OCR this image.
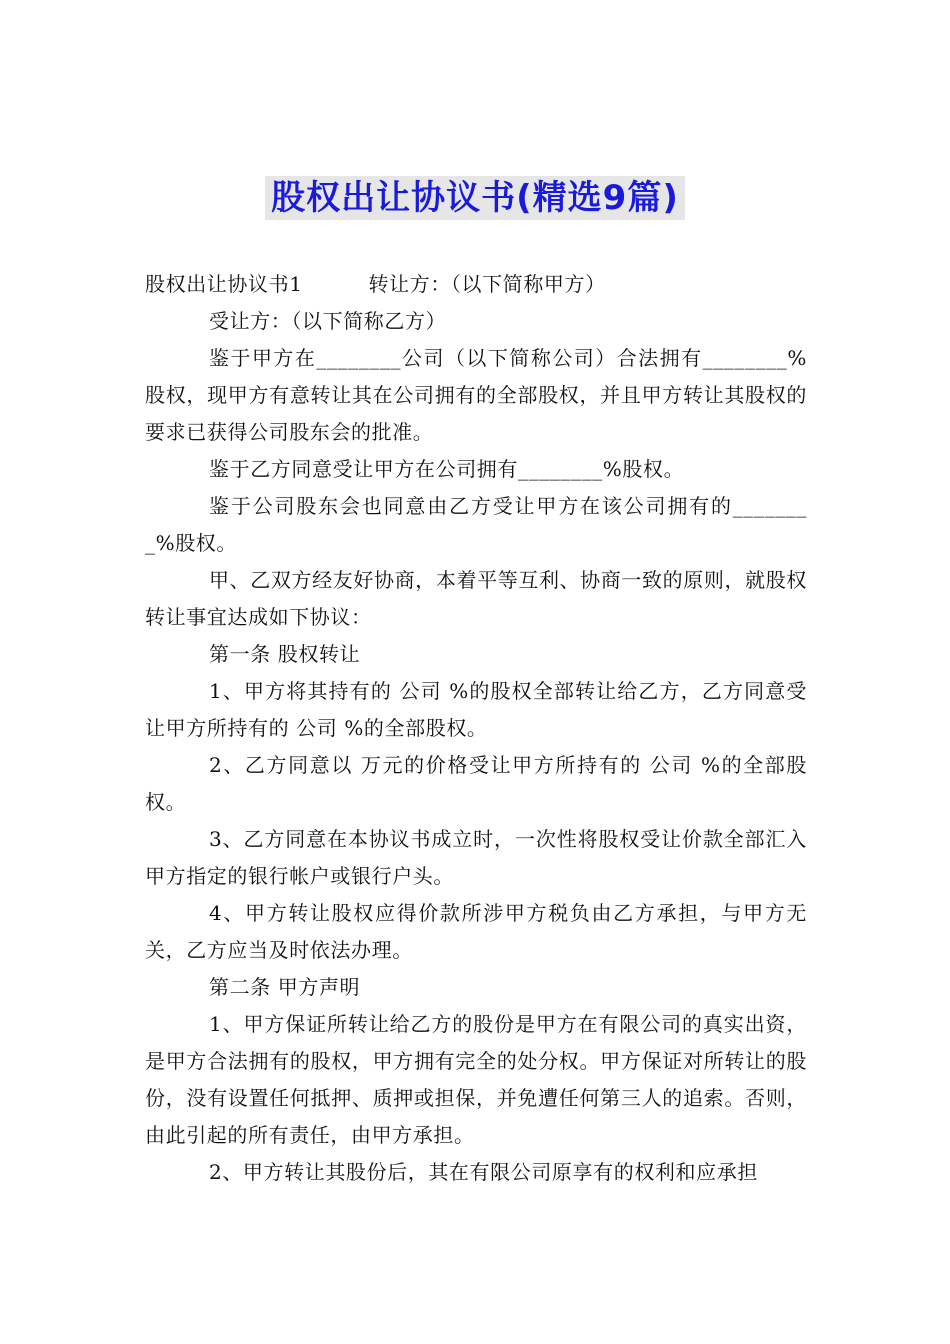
股权出让协议书(精选9篇)

股权出让协议书1	转让方：（以下简称甲方）

受让方：（以下简称乙方）

鉴于甲方在________公司（以下简称公司）合法拥有________%股权，现甲方有意转让其在公司拥有的全部股权，并且甲方转让其股权的要求已获得公司股东会的批准。

鉴于乙方同意受让甲方在公司拥有________%股权。

鉴于公司股东会也同意由乙方受让甲方在该公司拥有的________%股权。

甲、乙双方经友好协商，本着平等互利、协商一致的原则，就股权转让事宜达成如下协议：

第一条 股权转让

1、甲方将其持有的 公司 %的股权全部转让给乙方，乙方同意受让甲方所持有的 公司 %的全部股权。

2、乙方同意以 万元的价格受让甲方所持有的 公司 %的全部股权。

3、乙方同意在本协议书成立时，一次性将股权受让价款全部汇入甲方指定的银行帐户或银行户头。

4、甲方转让股权应得价款所涉甲方税负由乙方承担，与甲方无关，乙方应当及时依法办理。

第二条 甲方声明

1、甲方保证所转让给乙方的股份是甲方在有限公司的真实出资，是甲方合法拥有的股权，甲方拥有完全的处分权。甲方保证对所转让的股份，没有设置任何抵押、质押或担保，并免遭任何第三人的追索。否则，由此引起的所有责任，由甲方承担。

2、甲方转让其股份后，其在有限公司原享有的权利和应承担
